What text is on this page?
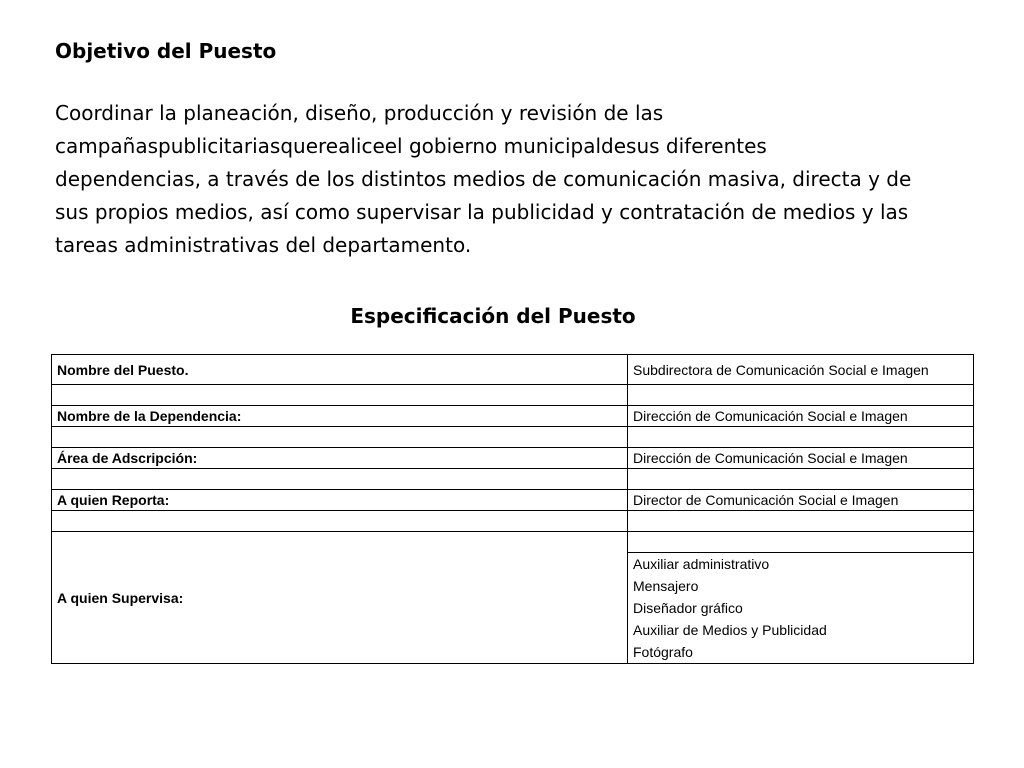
Objetivo del Puesto

Coordinar la planeación, diseño, producción y revisión de las
campañaspublicitariasquerealiceel gobierno municipaldesus diferentes
dependencias, a través de los distintos medios de comunicación masiva, directa y de
sus propios medios, así como supervisar la publicidad y contratación de medios y las
tareas administrativas del departamento.

Especificación del Puesto
Nombre del Puesto.	Subdirectora de Comunicación Social e Imagen

Nombre de la Dependencia:	Dirección de Comunicación Social e Imagen

Área de Adscripción:	Dirección de Comunicación Social e Imagen

A quien Reporta:	Director de Comunicación Social e Imagen

A quien Supervisa:	

	Auxiliar administrativo
Mensajero
Diseñador gráfico
Auxiliar de Medios y Publicidad
Fotógrafo
